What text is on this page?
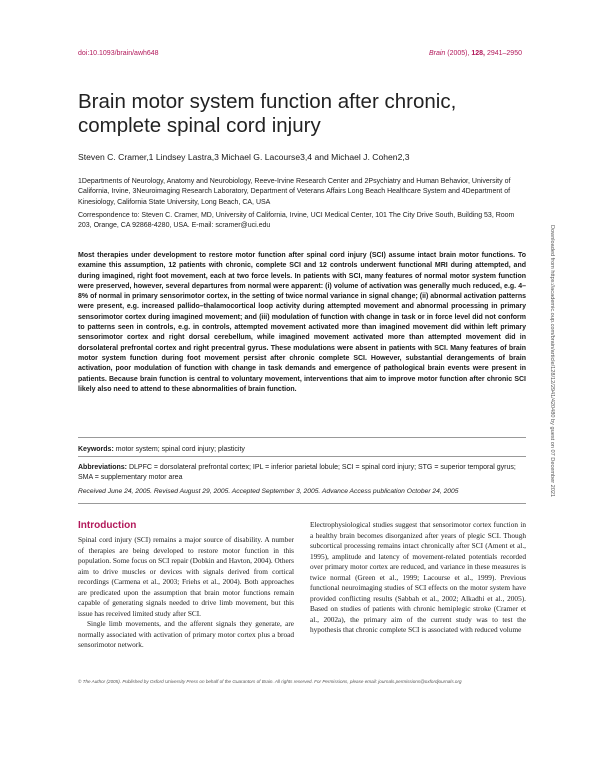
doi:10.1093/brain/awh648	Brain (2005), 128, 2941–2950
Brain motor system function after chronic, complete spinal cord injury
Steven C. Cramer,1 Lindsey Lastra,3 Michael G. Lacourse3,4 and Michael J. Cohen2,3
1Departments of Neurology, Anatomy and Neurobiology, Reeve-Irvine Research Center and 2Psychiatry and Human Behavior, University of California, Irvine, 3Neuroimaging Research Laboratory, Department of Veterans Affairs Long Beach Healthcare System and 4Department of Kinesiology, California State University, Long Beach, CA, USA
Correspondence to: Steven C. Cramer, MD, University of California, Irvine, UCI Medical Center, 101 The City Drive South, Building 53, Room 203, Orange, CA 92868-4280, USA. E-mail: scramer@uci.edu
Most therapies under development to restore motor function after spinal cord injury (SCI) assume intact brain motor functions. To examine this assumption, 12 patients with chronic, complete SCI and 12 controls underwent functional MRI during attempted, and during imagined, right foot movement, each at two force levels. In patients with SCI, many features of normal motor system function were preserved, however, several departures from normal were apparent: (i) volume of activation was generally much reduced, e.g. 4–8% of normal in primary sensorimotor cortex, in the setting of twice normal variance in signal change; (ii) abnormal activation patterns were present, e.g. increased pallido–thalamocortical loop activity during attempted movement and abnormal processing in primary sensorimotor cortex during imagined movement; and (iii) modulation of function with change in task or in force level did not conform to patterns seen in controls, e.g. in controls, attempted movement activated more than imagined movement did within left primary sensorimotor cortex and right dorsal cerebellum, while imagined movement activated more than attempted movement did in dorsolateral prefrontal cortex and right precentral gyrus. These modulations were absent in patients with SCI. Many features of brain motor system function during foot movement persist after chronic complete SCI. However, substantial derangements of brain activation, poor modulation of function with change in task demands and emergence of pathological brain events were present in patients. Because brain function is central to voluntary movement, interventions that aim to improve motor function after chronic SCI likely also need to attend to these abnormalities of brain function.
Keywords: motor system; spinal cord injury; plasticity
Abbreviations: DLPFC = dorsolateral prefrontal cortex; IPL = inferior parietal lobule; SCI = spinal cord injury; STG = superior temporal gyrus; SMA = supplementary motor area
Received June 24, 2005. Revised August 29, 2005. Accepted September 3, 2005. Advance Access publication October 24, 2005
Introduction

Spinal cord injury (SCI) remains a major source of disability. A number of therapies are being developed to restore motor function in this population. Some focus on SCI repair (Dobkin and Havton, 2004). Others aim to drive muscles or devices with signals derived from cortical recordings (Carmena et al., 2003; Friehs et al., 2004). Both approaches are predicated upon the assumption that brain motor functions remain capable of generating signals needed to drive limb movement, but this issue has received limited study after SCI.

Single limb movements, and the afferent signals they generate, are normally associated with activation of primary motor cortex plus a broad sensorimotor network.

Electrophysiological studies suggest that sensorimotor cortex function in a healthy brain becomes disorganized after years of plegic SCI. Though subcortical processing remains intact chronically after SCI (Ament et al., 1995), amplitude and latency of movement-related potentials recorded over primary motor cortex are reduced, and variance in these measures is twice normal (Green et al., 1999; Lacourse et al., 1999). Previous functional neuroimaging studies of SCI effects on the motor system have provided conflicting results (Sabbah et al., 2002; Alkadhi et al., 2005). Based on studies of patients with chronic hemiplegic stroke (Cramer et al., 2002a), the primary aim of the current study was to test the hypothesis that chronic complete SCI is associated with reduced volume

© The Author (2005). Published by Oxford University Press on behalf of the Guarantors of Brain. All rights reserved. For Permissions, please email: journals.permissions@oxfordjournals.org
Downloaded from https://academic.oup.com/brain/article/128/12/2941/420480 by guest on 07 December 2021
